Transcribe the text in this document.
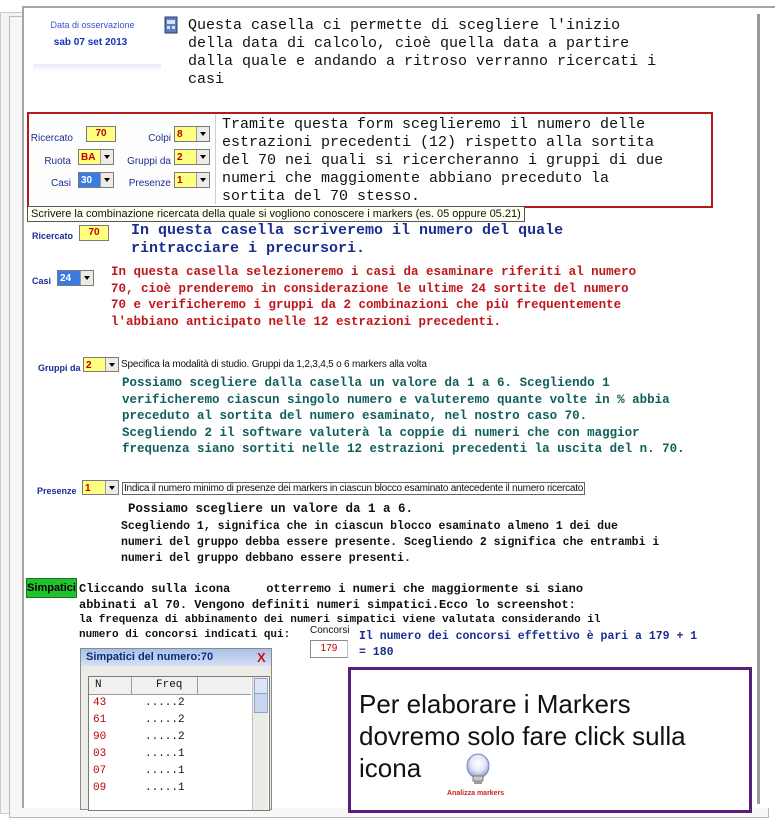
Data di osservazione
sab 07 set 2013
Questa casella ci permette di scegliere l'inizio
della data di calcolo, cioè quella data a partire
dalla quale e andando a ritroso verranno ricercati i
casi
Ricercato	70
Ruota	BA
Casi	30
Colpi 8
Gruppi da 2
Presenze 1
Tramite questa form sceglieremo il numero delle
estrazioni precedenti (12) rispetto alla sortita
del 70 nei quali si ricercheranno i gruppi di due
numeri che maggiomente abbiano preceduto la
sortita del 70 stesso.
Scrivere la combinazione ricercata della quale si vogliono conoscere i markers (es. 05 oppure 05.21)
Ricercato	70	In questa casella scriveremo il numero del quale
rintracciare i precursori.
Casi 24	In questa casella selezioneremo i casi da esaminare riferiti al numero
70, cioè prenderemo in considerazione le ultime 24 sortite del numero
70 e verificheremo i gruppi da 2 combinazioni che più frequentemente
l'abbiano anticipato nelle 12 estrazioni precedenti.
Gruppi da 2	Specifica la modalità di studio. Gruppi da 1,2,3,4,5 o 6 markers alla volta
Possiamo scegliere dalla casella un valore da 1 a 6. Scegliendo 1
verificheremo ciascun singolo numero e valuteremo quante volte in % abbia
preceduto al sortita del numero esaminato, nel nostro caso 70.
Scegliendo 2 il software valuterà la coppie di numeri che con maggior
frequenza siano sortiti nelle 12 estrazioni precedenti la uscita del n. 70.
Presenze 1	Indica il numero minimo di presenze dei markers in ciascun blocco esaminato antecedente il numero ricercato
Possiamo scegliere un valore da 1 a 6.
Scegliendo 1, significa che in ciascun blocco esaminato almeno 1 dei due
numeri del gruppo debba essere presente. Scegliendo 2 significa che entrambi i
numeri del gruppo debbano essere presenti.
Simpatici Cliccando sulla icona     otterremo i numeri che maggiormente si siano
abbinati al 70. Vengono definiti numeri simpatici.Ecco lo screenshot:
la frequenza di abbinamento dei numeri simpatici viene valutata considerando il
numero di concorsi indicati qui:	Concorsi
179
Il numero dei concorsi effettivo è pari a 179 + 1
= 180
Simpatici del numero:70	X
N	Freq
43	.....2
61	.....2
90	.....2
03	.....1
07	.....1
09	.....1
Per elaborare i Markers
dovremo solo fare click sulla
icona
Analizza markers
